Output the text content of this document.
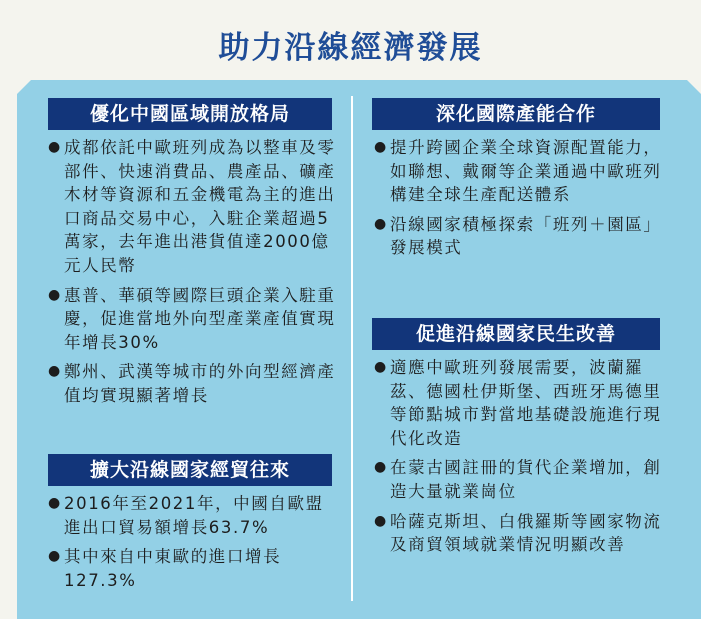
助力沿線經濟發展
優化中國區域開放格局
● 成都依託中歐班列成為以整車及零部件、快速消費品、農產品、礦產木材等資源和五金機電為主的進出口商品交易中心，入駐企業超過5萬家，去年進出港貨值達2000億元人民幣
● 惠普、華碩等國際巨頭企業入駐重慶，促進當地外向型產業產值實現年增長30%
● 鄭州、武漢等城市的外向型經濟產值均實現顯著增長
擴大沿線國家經貿往來
● 2016年至2021年，中國自歐盟進出口貿易額增長63.7%
● 其中來自中東歐的進口增長127.3%
深化國際產能合作
● 提升跨國企業全球資源配置能力，如聯想、戴爾等企業通過中歐班列構建全球生產配送體系
● 沿線國家積極探索「班列＋園區」發展模式
促進沿線國家民生改善
● 適應中歐班列發展需要，波蘭羅茲、德國杜伊斯堡、西班牙馬德里等節點城市對當地基礎設施進行現代化改造
● 在蒙古國註冊的貨代企業增加，創造大量就業崗位
● 哈薩克斯坦、白俄羅斯等國家物流及商貿領域就業情況明顯改善
